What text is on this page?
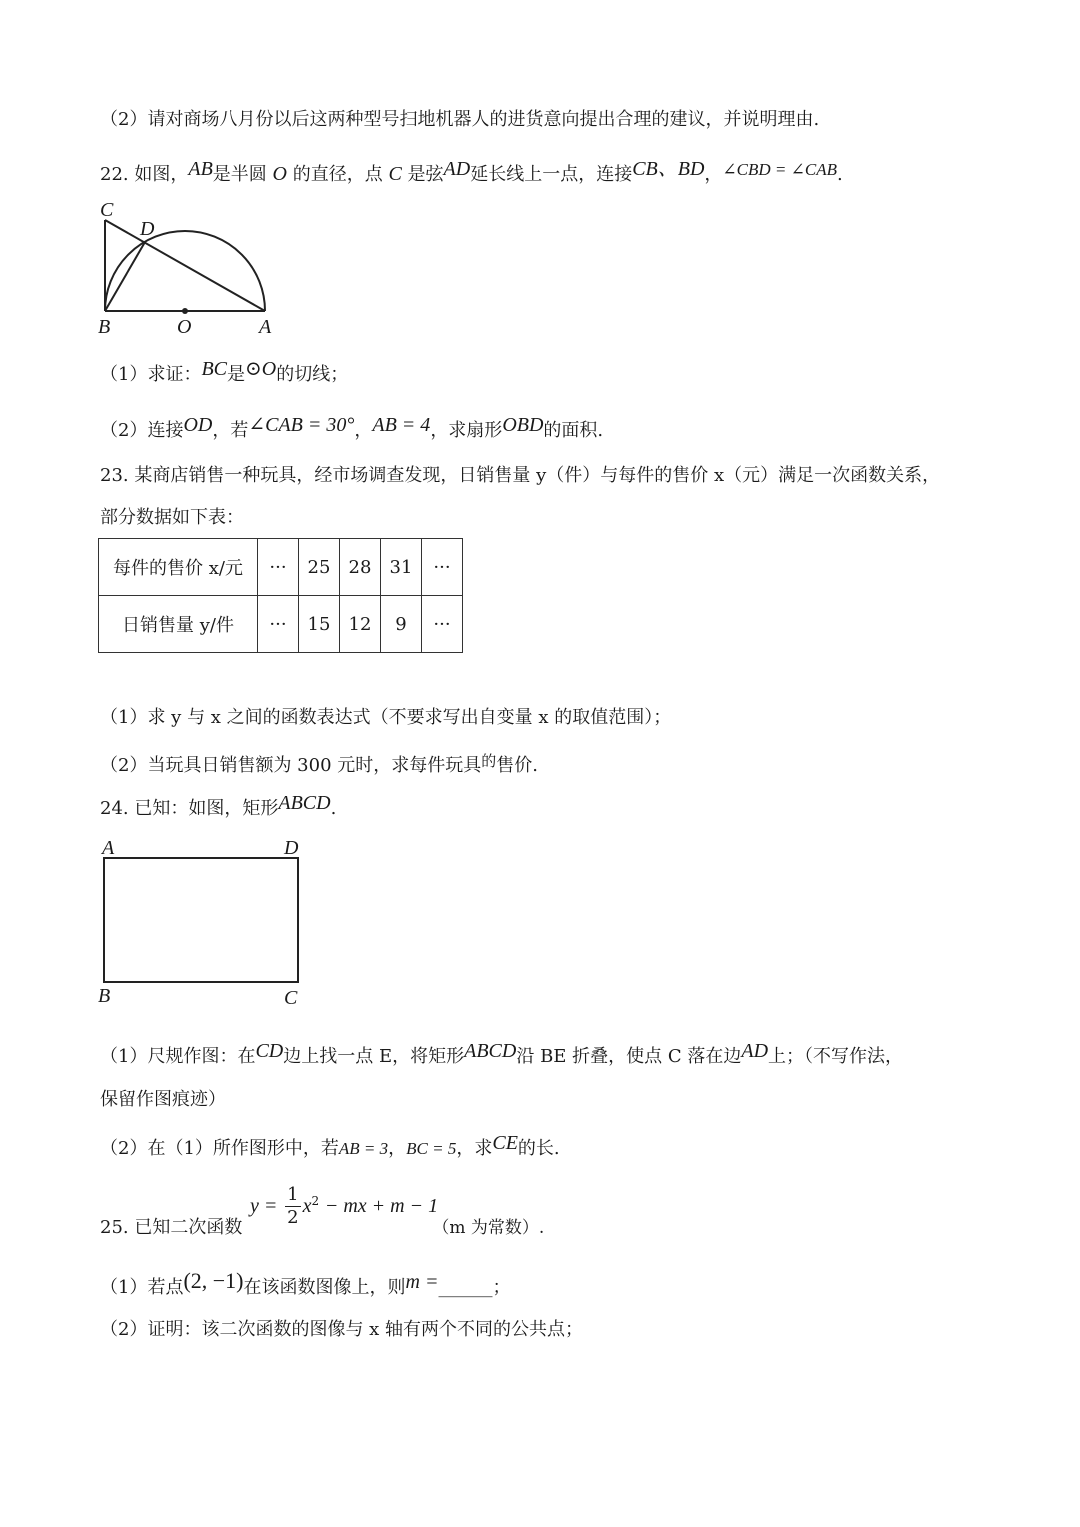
（2）请对商场八月份以后这两种型号扫地机器人的进货意向提出合理的建议，并说明理由.
22. 如图，AB是半圆 O 的直径，点 C 是弦AD延长线上一点，连接CB、BD，∠CBD = ∠CAB.
C
D
B	O	A
（1）求证：BC是⊙O的切线；
（2）连接OD，若∠CAB = 30°，AB = 4，求扇形OBD的面积.
23. 某商店销售一种玩具，经市场调查发现，日销售量 y（件）与每件的售价 x（元）满足一次函数关系，
部分数据如下表：
每件的售价 x/元	···	25	28	31	···
日销售量 y/件	···	15	12	9	···
（1）求 y 与 x 之间的函数表达式（不要求写出自变量 x 的取值范围）；
（2）当玩具日销售额为 300 元时，求每件玩具$^的$售价.
24. 已知：如图，矩形ABCD.
A	D
B	C
（1）尺规作图：在CD边上找一点 E，将矩形ABCD沿 BE 折叠，使点 C 落在边AD上；（不写作法，
保留作图痕迹）
（2）在（1）所作图形中，若AB = 3，BC = 5，求CE的长.
$y = \frac{1}{2} x^2$ − mx + m − 1
25. 已知二次函数	（m 为常数）.
（1）若点(2, −1)在该函数图像上，则m =______；
（2）证明：该二次函数的图像与 x 轴有两个不同的公共点；
